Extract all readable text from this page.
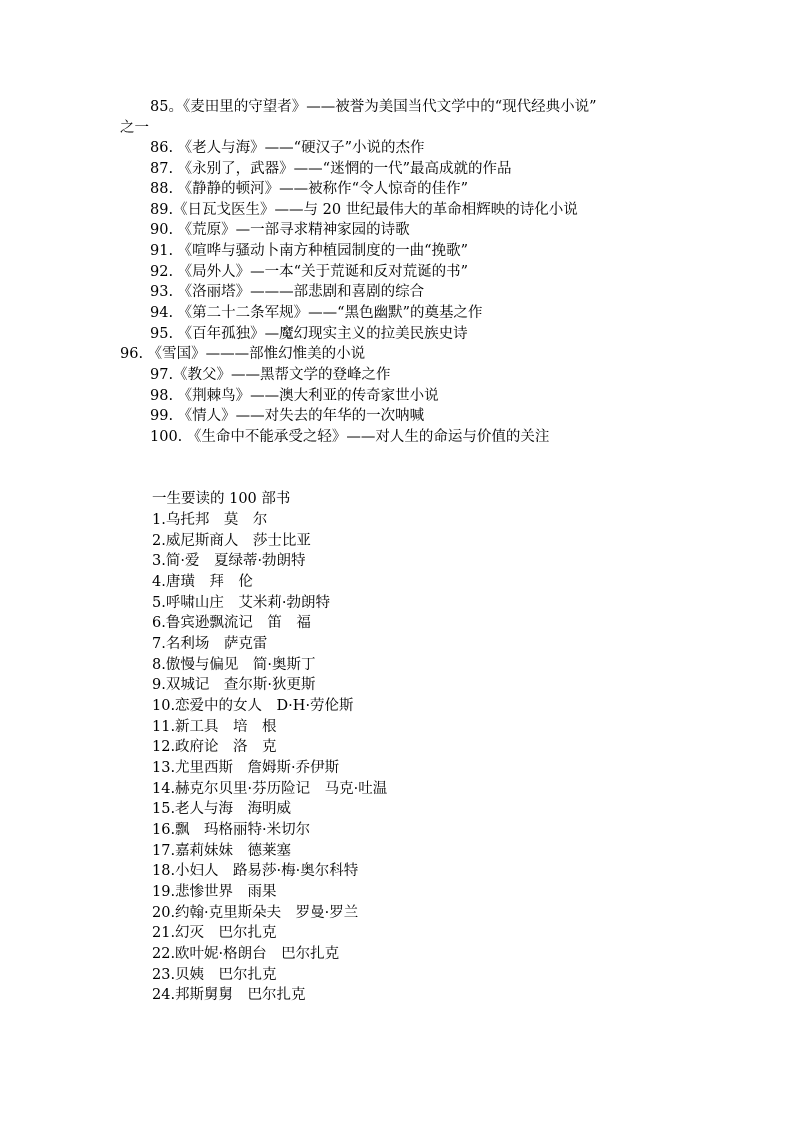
85。《麦田里的守望者》——被誉为美国当代文学中的“现代经典小说”
之一
86. 《老人与海》——“硬汉子”小说的杰作
87. 《永别了，武器》——“迷惘的一代”最高成就的作品
88. 《静静的顿河》——被称作“令人惊奇的佳作”
89.《日瓦戈医生》——与 20 世纪最伟大的革命相辉映的诗化小说
90. 《荒原》—一部寻求精神家园的诗歌
91. 《喧哗与骚动卜南方种植园制度的一曲“挽歌”
92. 《局外人》—一本“关于荒诞和反对荒诞的书”
93. 《洛丽塔》———部悲剧和喜剧的综合
94. 《第二十二条军规》——“黑色幽默”的奠基之作
95. 《百年孤独》—魔幻现实主义的拉美民族史诗
96. 《雪国》———部惟幻惟美的小说
97.《教父》——黑帮文学的登峰之作
98. 《荆棘鸟》——澳大利亚的传奇家世小说
99. 《情人》——对失去的年华的一次呐喊
100. 《生命中不能承受之轻》——对人生的命运与价值的关注
一生要读的 100 部书
1.乌托邦　莫　尔
2.威尼斯商人　莎士比亚
3.简·爱　夏绿蒂·勃朗特
4.唐璜　拜　伦
5.呼啸山庄　艾米莉·勃朗特
6.鲁宾逊飘流记　笛　福
7.名利场　萨克雷
8.傲慢与偏见　简·奥斯丁
9.双城记　查尔斯·狄更斯
10.恋爱中的女人　D·H·劳伦斯
11.新工具　培　根
12.政府论　洛　克
13.尤里西斯　詹姆斯·乔伊斯
14.赫克尔贝里·芬历险记　马克·吐温
15.老人与海　海明威
16.飘　玛格丽特·米切尔
17.嘉莉妹妹　德莱塞
18.小妇人　路易莎·梅·奥尔科特
19.悲惨世界　雨果
20.约翰·克里斯朵夫　罗曼·罗兰
21.幻灭　巴尔扎克
22.欧叶妮·格朗台　巴尔扎克
23.贝姨　巴尔扎克
24.邦斯舅舅　巴尔扎克
